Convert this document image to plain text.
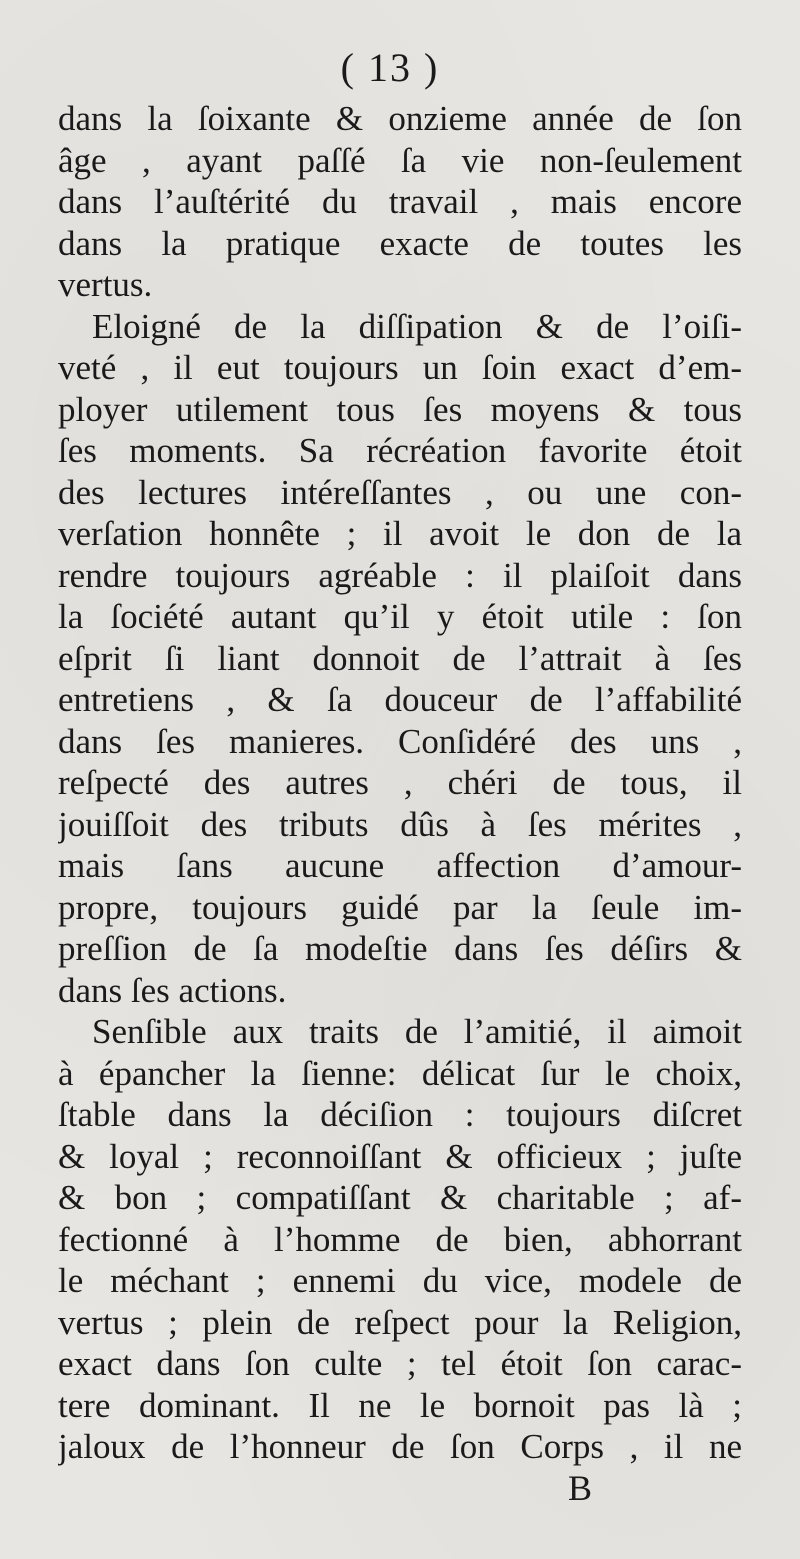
( 13 )
dans la ſoixante & onzieme année de ſon
âge , ayant paſſé ſa vie non-ſeulement
dans l’auſtérité du travail , mais encore
dans la pratique exacte de toutes les
vertus.
Eloigné de la diſſipation & de l’oiſi-
veté , il eut toujours un ſoin exact d’em-
ployer utilement tous ſes moyens & tous
ſes moments. Sa récréation favorite étoit
des lectures intéreſſantes , ou une con-
verſation honnête ; il avoit le don de la
rendre toujours agréable : il plaiſoit dans
la ſociété autant qu’il y étoit utile : ſon
eſprit ſi liant donnoit de l’attrait à ſes
entretiens , & ſa douceur de l’affabilité
dans ſes manieres. Conſidéré des uns ,
reſpecté des autres , chéri de tous, il
jouiſſoit des tributs dûs à ſes mérites ,
mais ſans aucune affection d’amour-
propre, toujours guidé par la ſeule im-
preſſion de ſa modeſtie dans ſes déſirs &
dans ſes actions.
Senſible aux traits de l’amitié, il aimoit
à épancher la ſienne: délicat ſur le choix,
ſtable dans la déciſion : toujours diſcret
& loyal ; reconnoiſſant & officieux ; juſte
& bon ; compatiſſant & charitable ; af-
fectionné à l’homme de bien, abhorrant
le méchant ; ennemi du vice, modele de
vertus ; plein de reſpect pour la Religion,
exact dans ſon culte ; tel étoit ſon carac-
tere dominant. Il ne le bornoit pas là ;
jaloux de l’honneur de ſon Corps , il ne
B
